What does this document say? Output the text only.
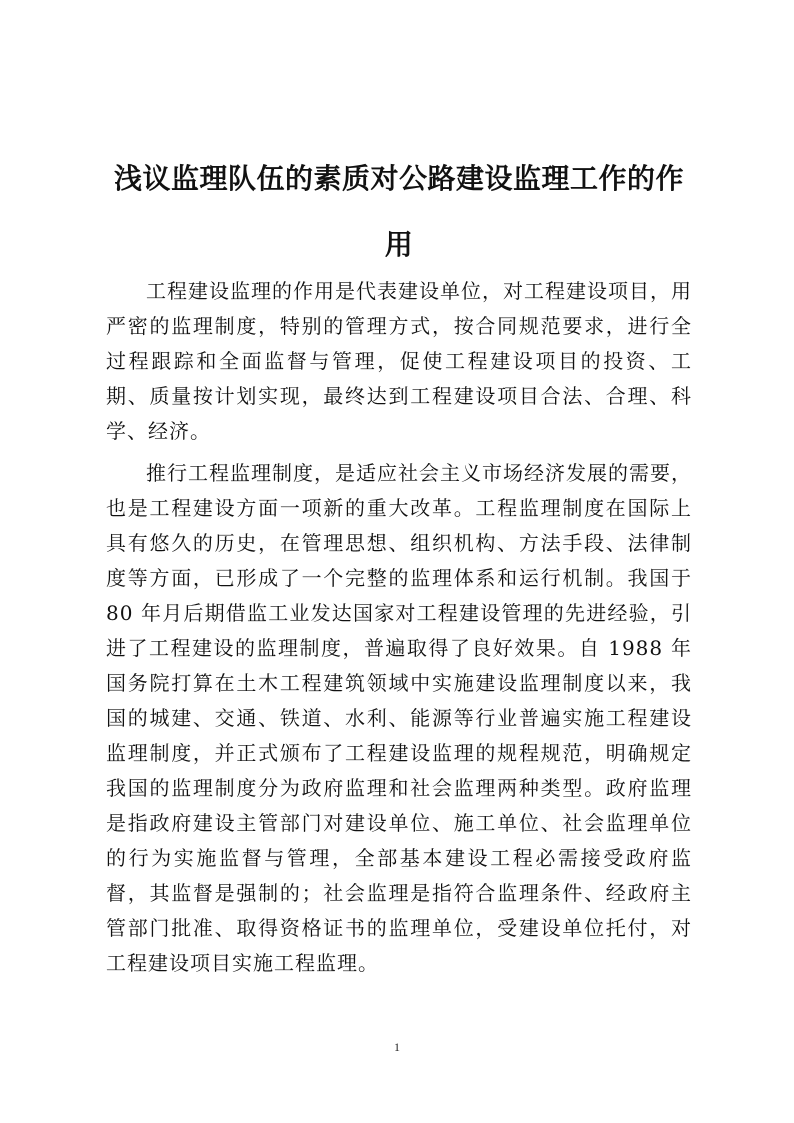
浅议监理队伍的素质对公路建设监理工作的作用

工程建设监理的作用是代表建设单位，对工程建设项目，用严密的监理制度，特别的管理方式，按合同规范要求，进行全过程跟踪和全面监督与管理，促使工程建设项目的投资、工期、质量按计划实现，最终达到工程建设项目合法、合理、科学、经济。

推行工程监理制度，是适应社会主义市场经济发展的需要，也是工程建设方面一项新的重大改革。工程监理制度在国际上具有悠久的历史，在管理思想、组织机构、方法手段、法律制度等方面，已形成了一个完整的监理体系和运行机制。我国于 80 年月后期借监工业发达国家对工程建设管理的先进经验，引进了工程建设的监理制度，普遍取得了良好效果。自 1988 年国务院打算在土木工程建筑领域中实施建设监理制度以来，我国的城建、交通、铁道、水利、能源等行业普遍实施工程建设监理制度，并正式颁布了工程建设监理的规程规范，明确规定我国的监理制度分为政府监理和社会监理两种类型。政府监理是指政府建设主管部门对建设单位、施工单位、社会监理单位的行为实施监督与管理，全部基本建设工程必需接受政府监督，其监督是强制的；社会监理是指符合监理条件、经政府主管部门批准、取得资格证书的监理单位，受建设单位托付，对工程建设项目实施工程监理。

1
